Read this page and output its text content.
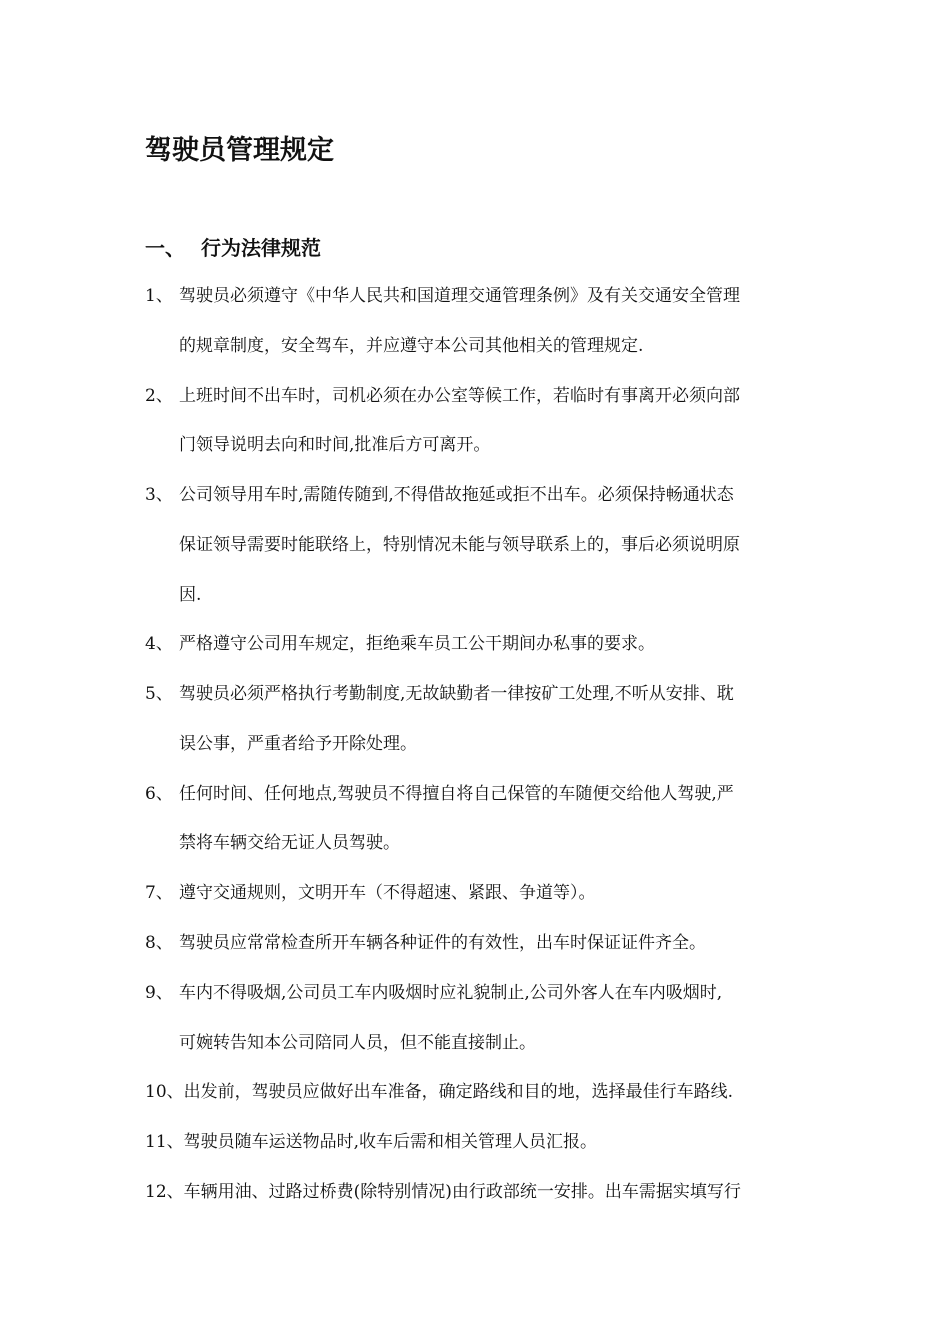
驾驶员管理规定
一、 行为法律规范
1、 驾驶员必须遵守《中华人民共和国道理交通管理条例》及有关交通安全管理
的规章制度，安全驾车，并应遵守本公司其他相关的管理规定.
2、 上班时间不出车时，司机必须在办公室等候工作，若临时有事离开必须向部
门领导说明去向和时间,批准后方可离开。
3、 公司领导用车时,需随传随到,不得借故拖延或拒不出车。必须保持畅通状态
保证领导需要时能联络上，特别情况未能与领导联系上的，事后必须说明原
因.
4、 严格遵守公司用车规定，拒绝乘车员工公干期间办私事的要求。
5、 驾驶员必须严格执行考勤制度,无故缺勤者一律按矿工处理,不听从安排、耽
误公事，严重者给予开除处理。
6、 任何时间、任何地点,驾驶员不得擅自将自己保管的车随便交给他人驾驶,严
禁将车辆交给无证人员驾驶。
7、 遵守交通规则，文明开车（不得超速、紧跟、争道等）。
8、 驾驶员应常常检查所开车辆各种证件的有效性，出车时保证证件齐全。
9、 车内不得吸烟,公司员工车内吸烟时应礼貌制止,公司外客人在车内吸烟时,
可婉转告知本公司陪同人员，但不能直接制止。
10、出发前，驾驶员应做好出车准备，确定路线和目的地，选择最佳行车路线.
11、驾驶员随车运送物品时,收车后需和相关管理人员汇报。
12、车辆用油、过路过桥费(除特别情况)由行政部统一安排。出车需据实填写行
